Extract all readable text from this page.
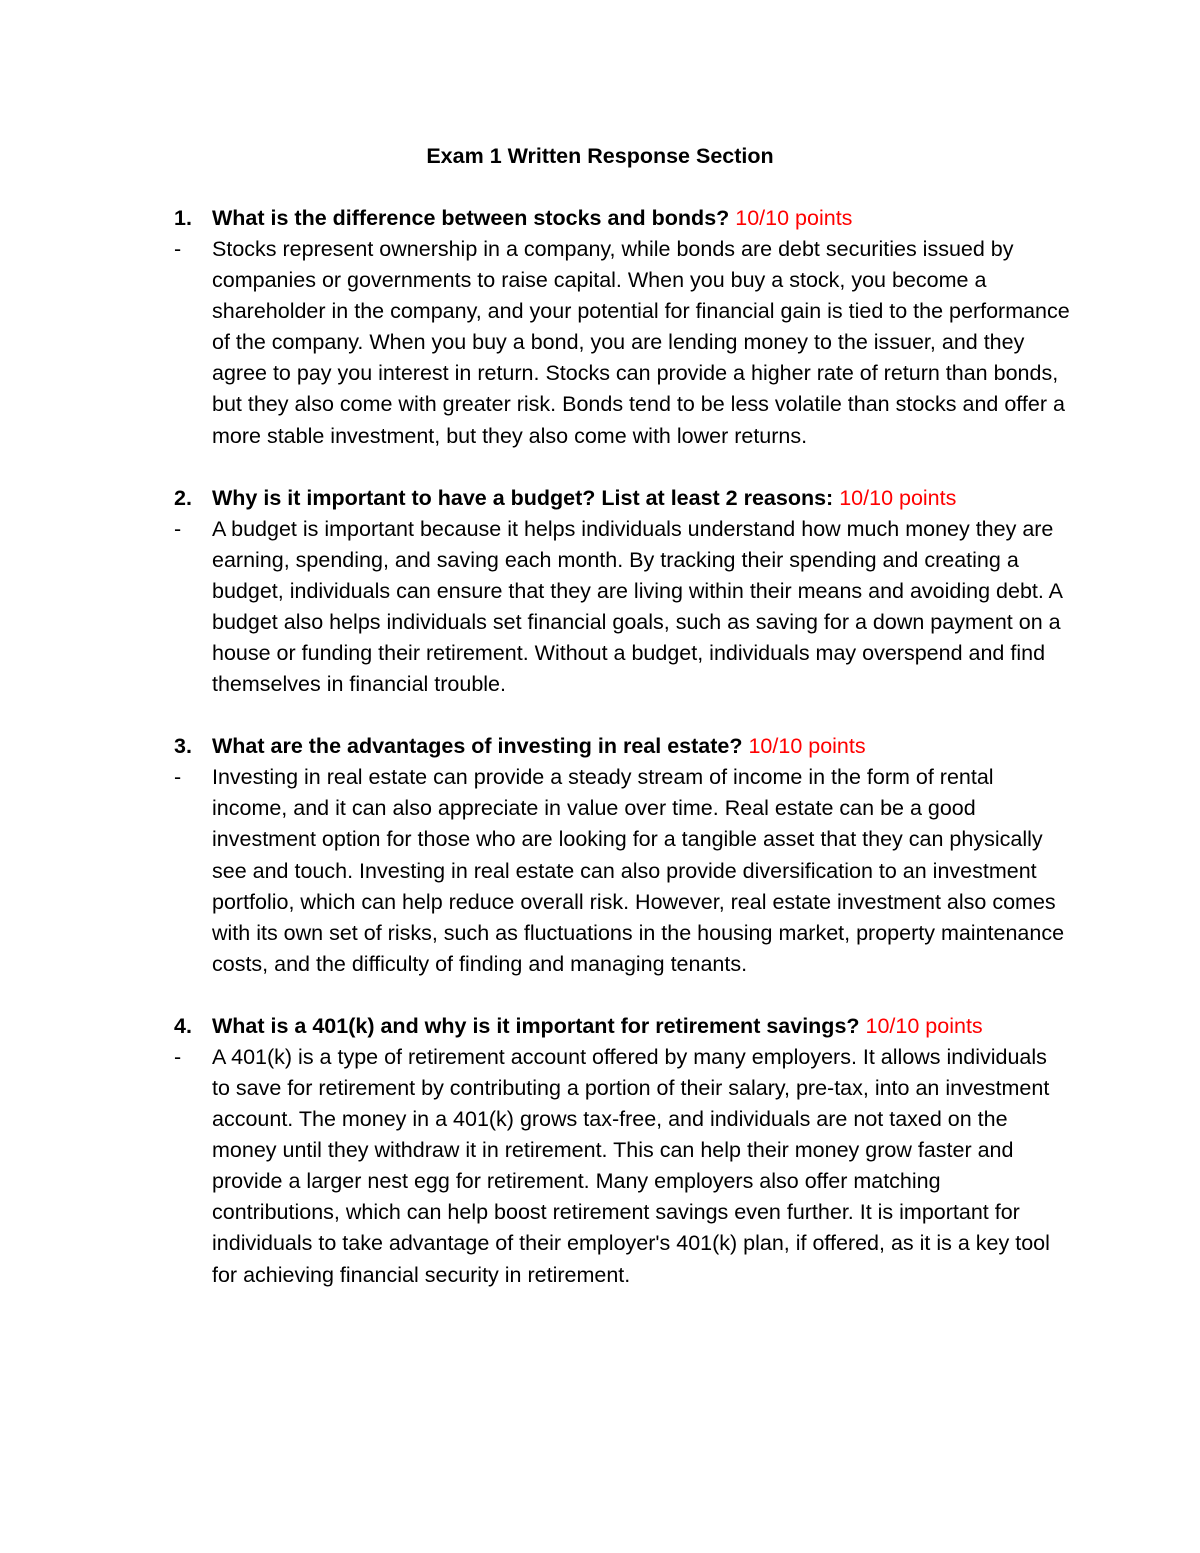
Exam 1 Written Response Section
1. What is the difference between stocks and bonds? 10/10 points
- Stocks represent ownership in a company, while bonds are debt securities issued by companies or governments to raise capital. When you buy a stock, you become a shareholder in the company, and your potential for financial gain is tied to the performance of the company. When you buy a bond, you are lending money to the issuer, and they agree to pay you interest in return. Stocks can provide a higher rate of return than bonds, but they also come with greater risk. Bonds tend to be less volatile than stocks and offer a more stable investment, but they also come with lower returns.
2. Why is it important to have a budget? List at least 2 reasons: 10/10 points
- A budget is important because it helps individuals understand how much money they are earning, spending, and saving each month. By tracking their spending and creating a budget, individuals can ensure that they are living within their means and avoiding debt. A budget also helps individuals set financial goals, such as saving for a down payment on a house or funding their retirement. Without a budget, individuals may overspend and find themselves in financial trouble.
3. What are the advantages of investing in real estate? 10/10 points
- Investing in real estate can provide a steady stream of income in the form of rental income, and it can also appreciate in value over time. Real estate can be a good investment option for those who are looking for a tangible asset that they can physically see and touch. Investing in real estate can also provide diversification to an investment portfolio, which can help reduce overall risk. However, real estate investment also comes with its own set of risks, such as fluctuations in the housing market, property maintenance costs, and the difficulty of finding and managing tenants.
4. What is a 401(k) and why is it important for retirement savings? 10/10 points
- A 401(k) is a type of retirement account offered by many employers. It allows individuals to save for retirement by contributing a portion of their salary, pre-tax, into an investment account. The money in a 401(k) grows tax-free, and individuals are not taxed on the money until they withdraw it in retirement. This can help their money grow faster and provide a larger nest egg for retirement. Many employers also offer matching contributions, which can help boost retirement savings even further. It is important for individuals to take advantage of their employer's 401(k) plan, if offered, as it is a key tool for achieving financial security in retirement.
